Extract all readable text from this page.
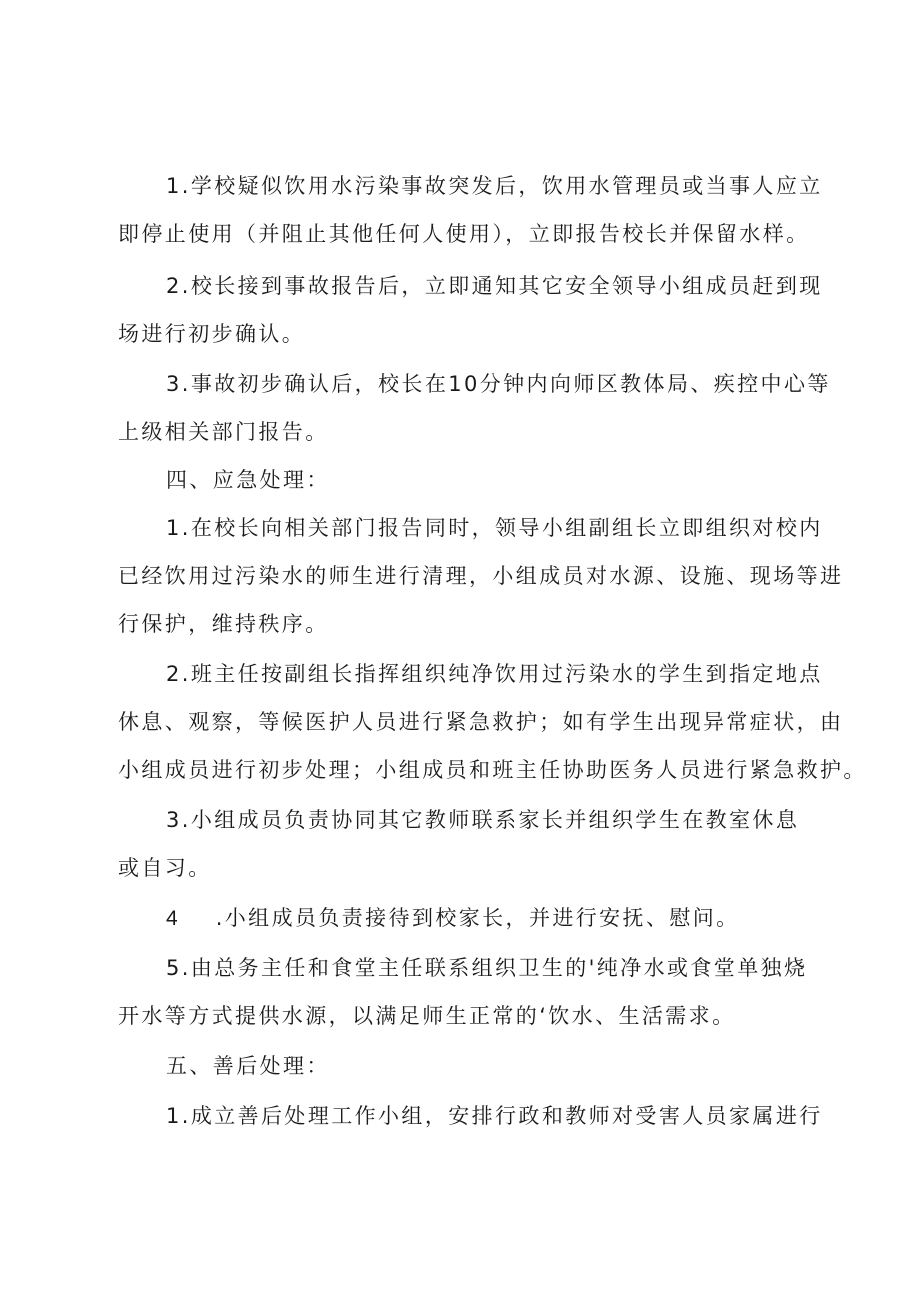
1.学校疑似饮用水污染事故突发后，饮用水管理员或当事人应立
即停止使用（并阻止其他任何人使用），立即报告校长并保留水样。
2.校长接到事故报告后，立即通知其它安全领导小组成员赶到现
场进行初步确认。
3.事故初步确认后，校长在10分钟内向师区教体局、疾控中心等
上级相关部门报告。
四、应急处理：
1.在校长向相关部门报告同时，领导小组副组长立即组织对校内
已经饮用过污染水的师生进行清理，小组成员对水源、设施、现场等进
行保护，维持秩序。
2.班主任按副组长指挥组织纯净饮用过污染水的学生到指定地点
休息、观察，等候医护人员进行紧急救护；如有学生出现异常症状，由
小组成员进行初步处理；小组成员和班主任协助医务人员进行紧急救护。
3.小组成员负责协同其它教师联系家长并组织学生在教室休息
或自习。
4 .小组成员负责接待到校家长，并进行安抚、慰问。
5.由总务主任和食堂主任联系组织卫生的'纯净水或食堂单独烧
开水等方式提供水源，以满足师生正常的‘饮水、生活需求。
五、善后处理：
1.成立善后处理工作小组，安排行政和教师对受害人员家属进行
